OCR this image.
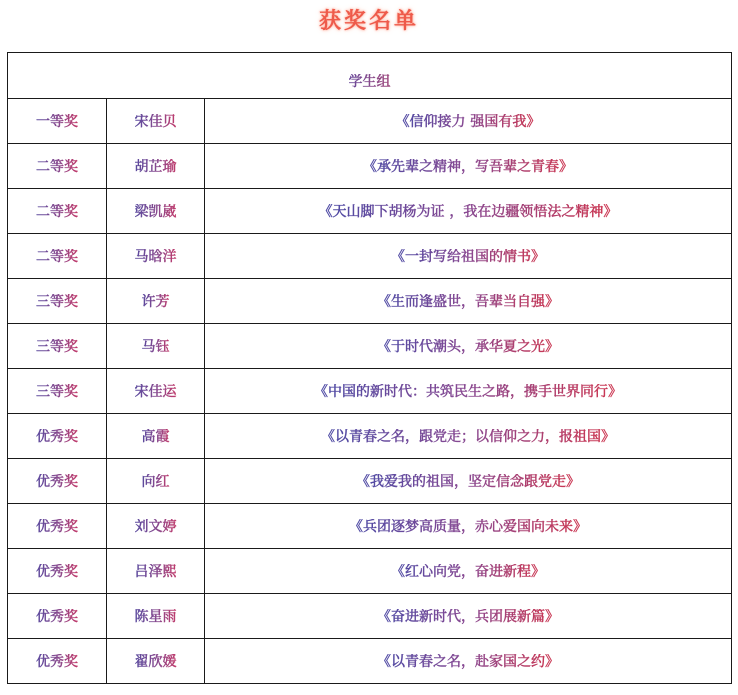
获奖名单
学生组		
一等奖	宋佳贝	《信仰接力 强国有我》
二等奖	胡芷瑜	《承先辈之精神，写吾辈之青春》
二等奖	梁凯崴	《天山脚下胡杨为证 ，我在边疆领悟法之精神》
二等奖	马晗洋	《一封写给祖国的情书》
三等奖	许芳	《生而逢盛世，吾辈当自强》
三等奖	马钰	《于时代潮头，承华夏之光》
三等奖	宋佳运	《中国的新时代：共筑民生之路，携手世界同行》
优秀奖	高霞	《以青春之名，跟党走；以信仰之力，报祖国》
优秀奖	向红	《我爱我的祖国，坚定信念跟党走》
优秀奖	刘文婷	《兵团逐梦高质量，赤心爱国向未来》
优秀奖	吕泽熙	《红心向党，奋进新程》
优秀奖	陈星雨	《奋进新时代，兵团展新篇》
优秀奖	翟欣媛	《以青春之名，赴家国之约》
